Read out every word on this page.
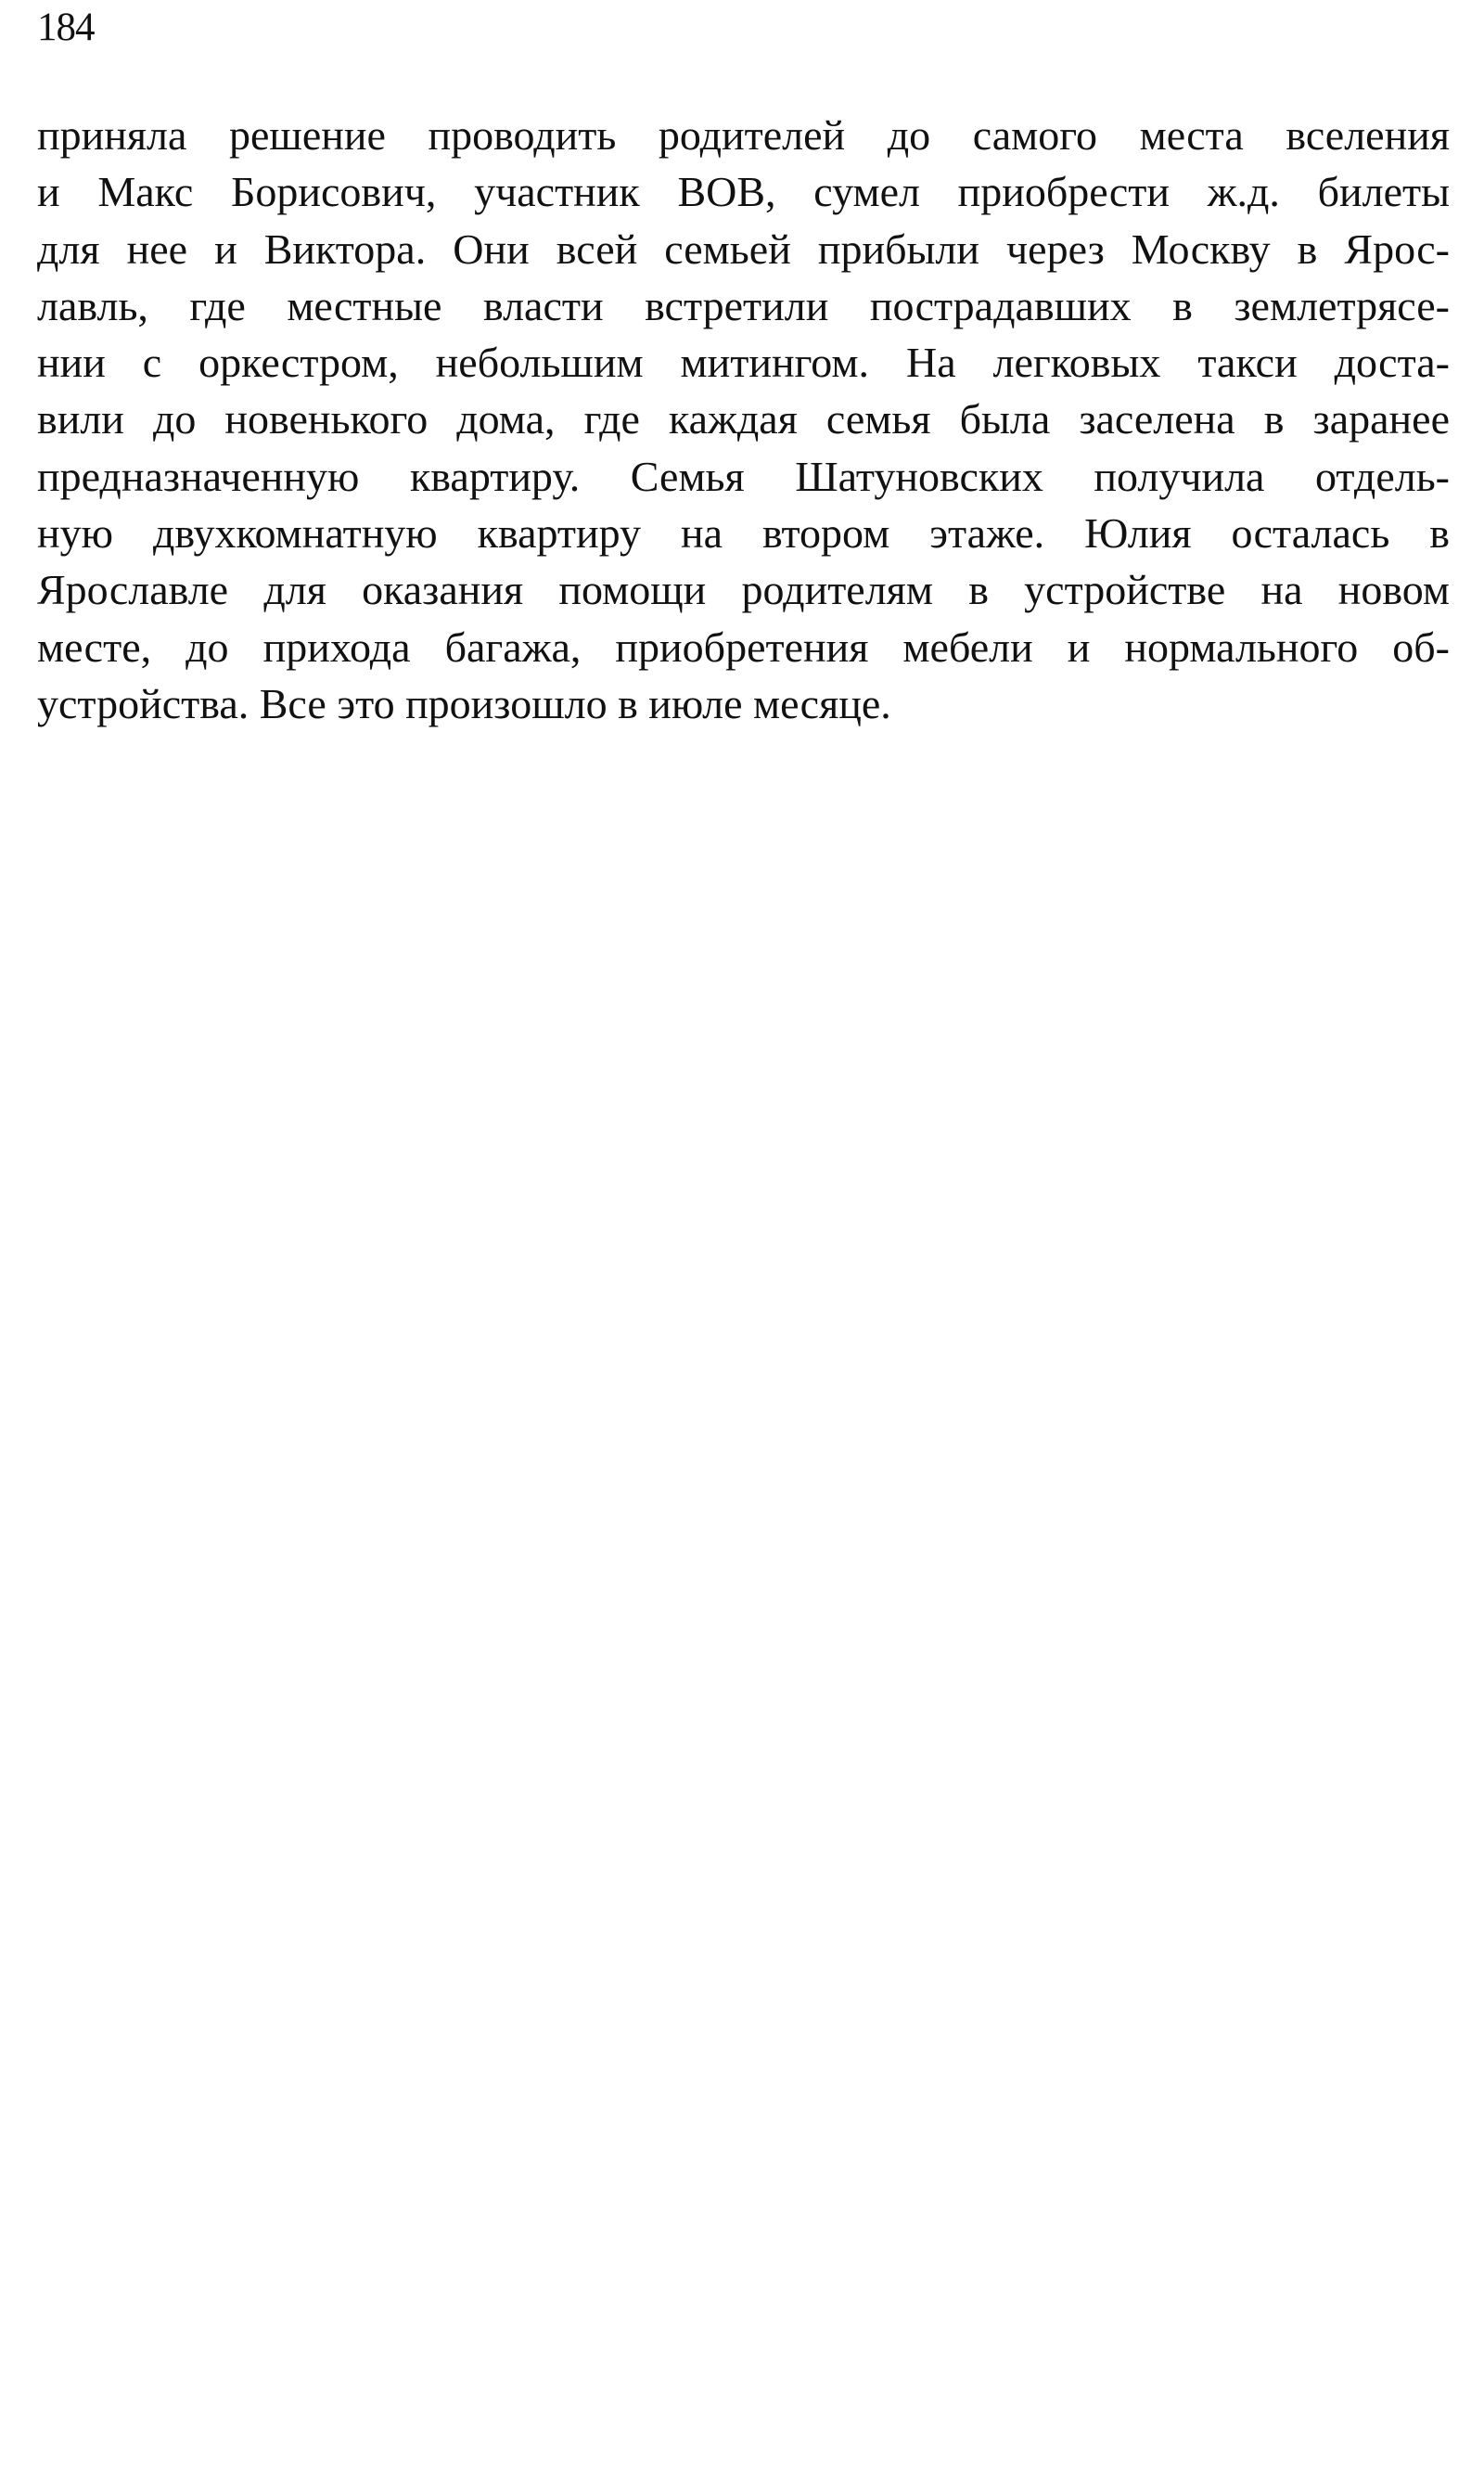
184

приняла решение проводить родителей до самого места вселения
и Макс Борисович, участник ВОВ, сумел приобрести ж.д. билеты
для нее и Виктора. Они всей семьей прибыли через Москву в Ярос-
лавль, где местные власти встретили пострадавших в землетрясе-
нии с оркестром, небольшим митингом. На легковых такси доста-
вили до новенького дома, где каждая семья была заселена в заранее
предназначенную квартиру. Семья Шатуновских получила отдель-
ную двухкомнатную квартиру на втором этаже. Юлия осталась в
Ярославле для оказания помощи родителям в устройстве на новом
месте, до прихода багажа, приобретения мебели и нормального об-
устройства. Все это произошло в июле месяце.
